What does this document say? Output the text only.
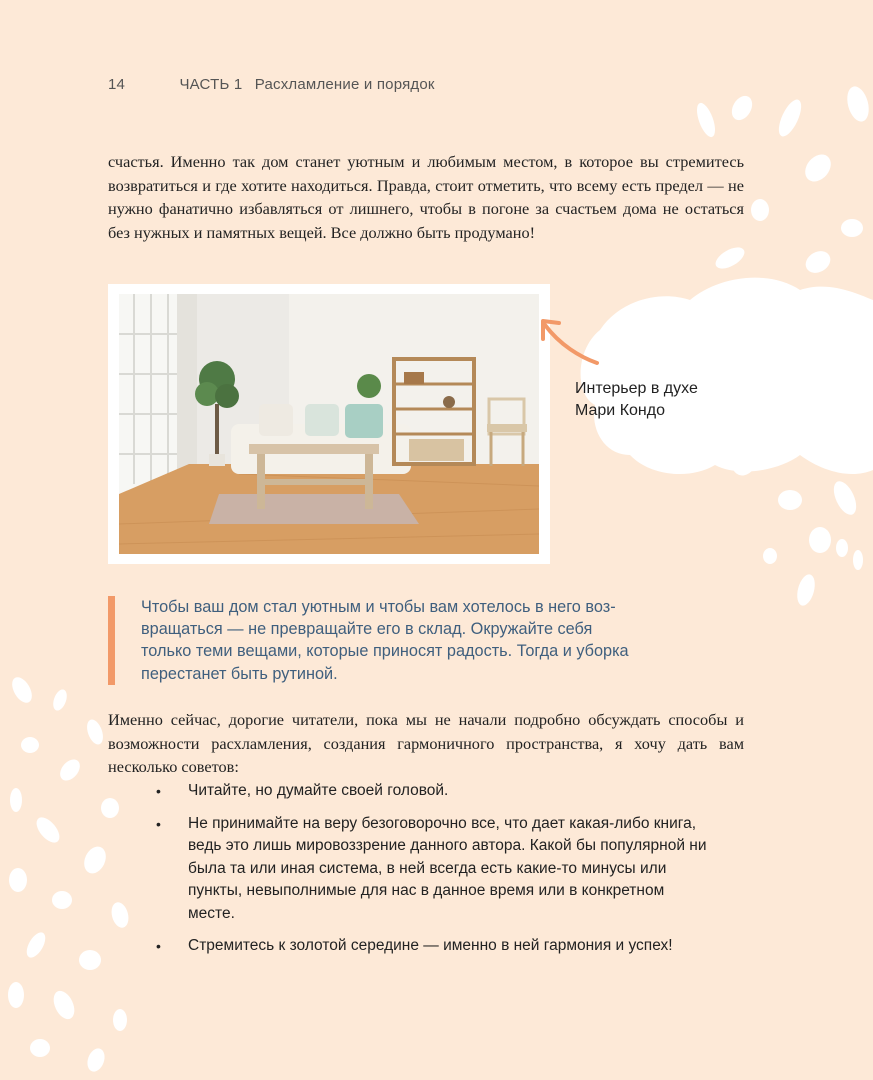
14	ЧАСТЬ 1 Расхламление и порядок
счастья. Именно так дом станет уютным и любимым местом, в которое вы стремитесь возвратиться и где хотите находиться. Правда, стоит отметить, что всему есть предел — не нужно фанатично избавляться от лишнего, чтобы в погоне за счастьем дома не остаться без нужных и памятных вещей. Все должно быть продумано!
Интерьер в духе
Мари Кондо

Чтобы ваш дом стал уютным и чтобы вам хотелось в него воз-

вращаться — не превращайте его в склад. Окружайте себя

только теми вещами, которые приносят радость. Тогда и уборка

перестанет быть рутиной.

Именно сейчас, дорогие читатели, пока мы не начали подробно обсуждать способы и возможности расхламления, создания гармоничного пространства, я хочу дать вам несколько советов:
• Читайте, но думайте своей головой.
• Не принимайте на веру безоговорочно все, что дает какая-либо книга, ведь это лишь мировоззрение данного автора. Какой бы популярной ни была та или иная система, в ней всегда есть какие-то минусы или пункты, невыполнимые для нас в данное время или в конкретном месте.
• Стремитесь к золотой середине — именно в ней гармония и успех!
